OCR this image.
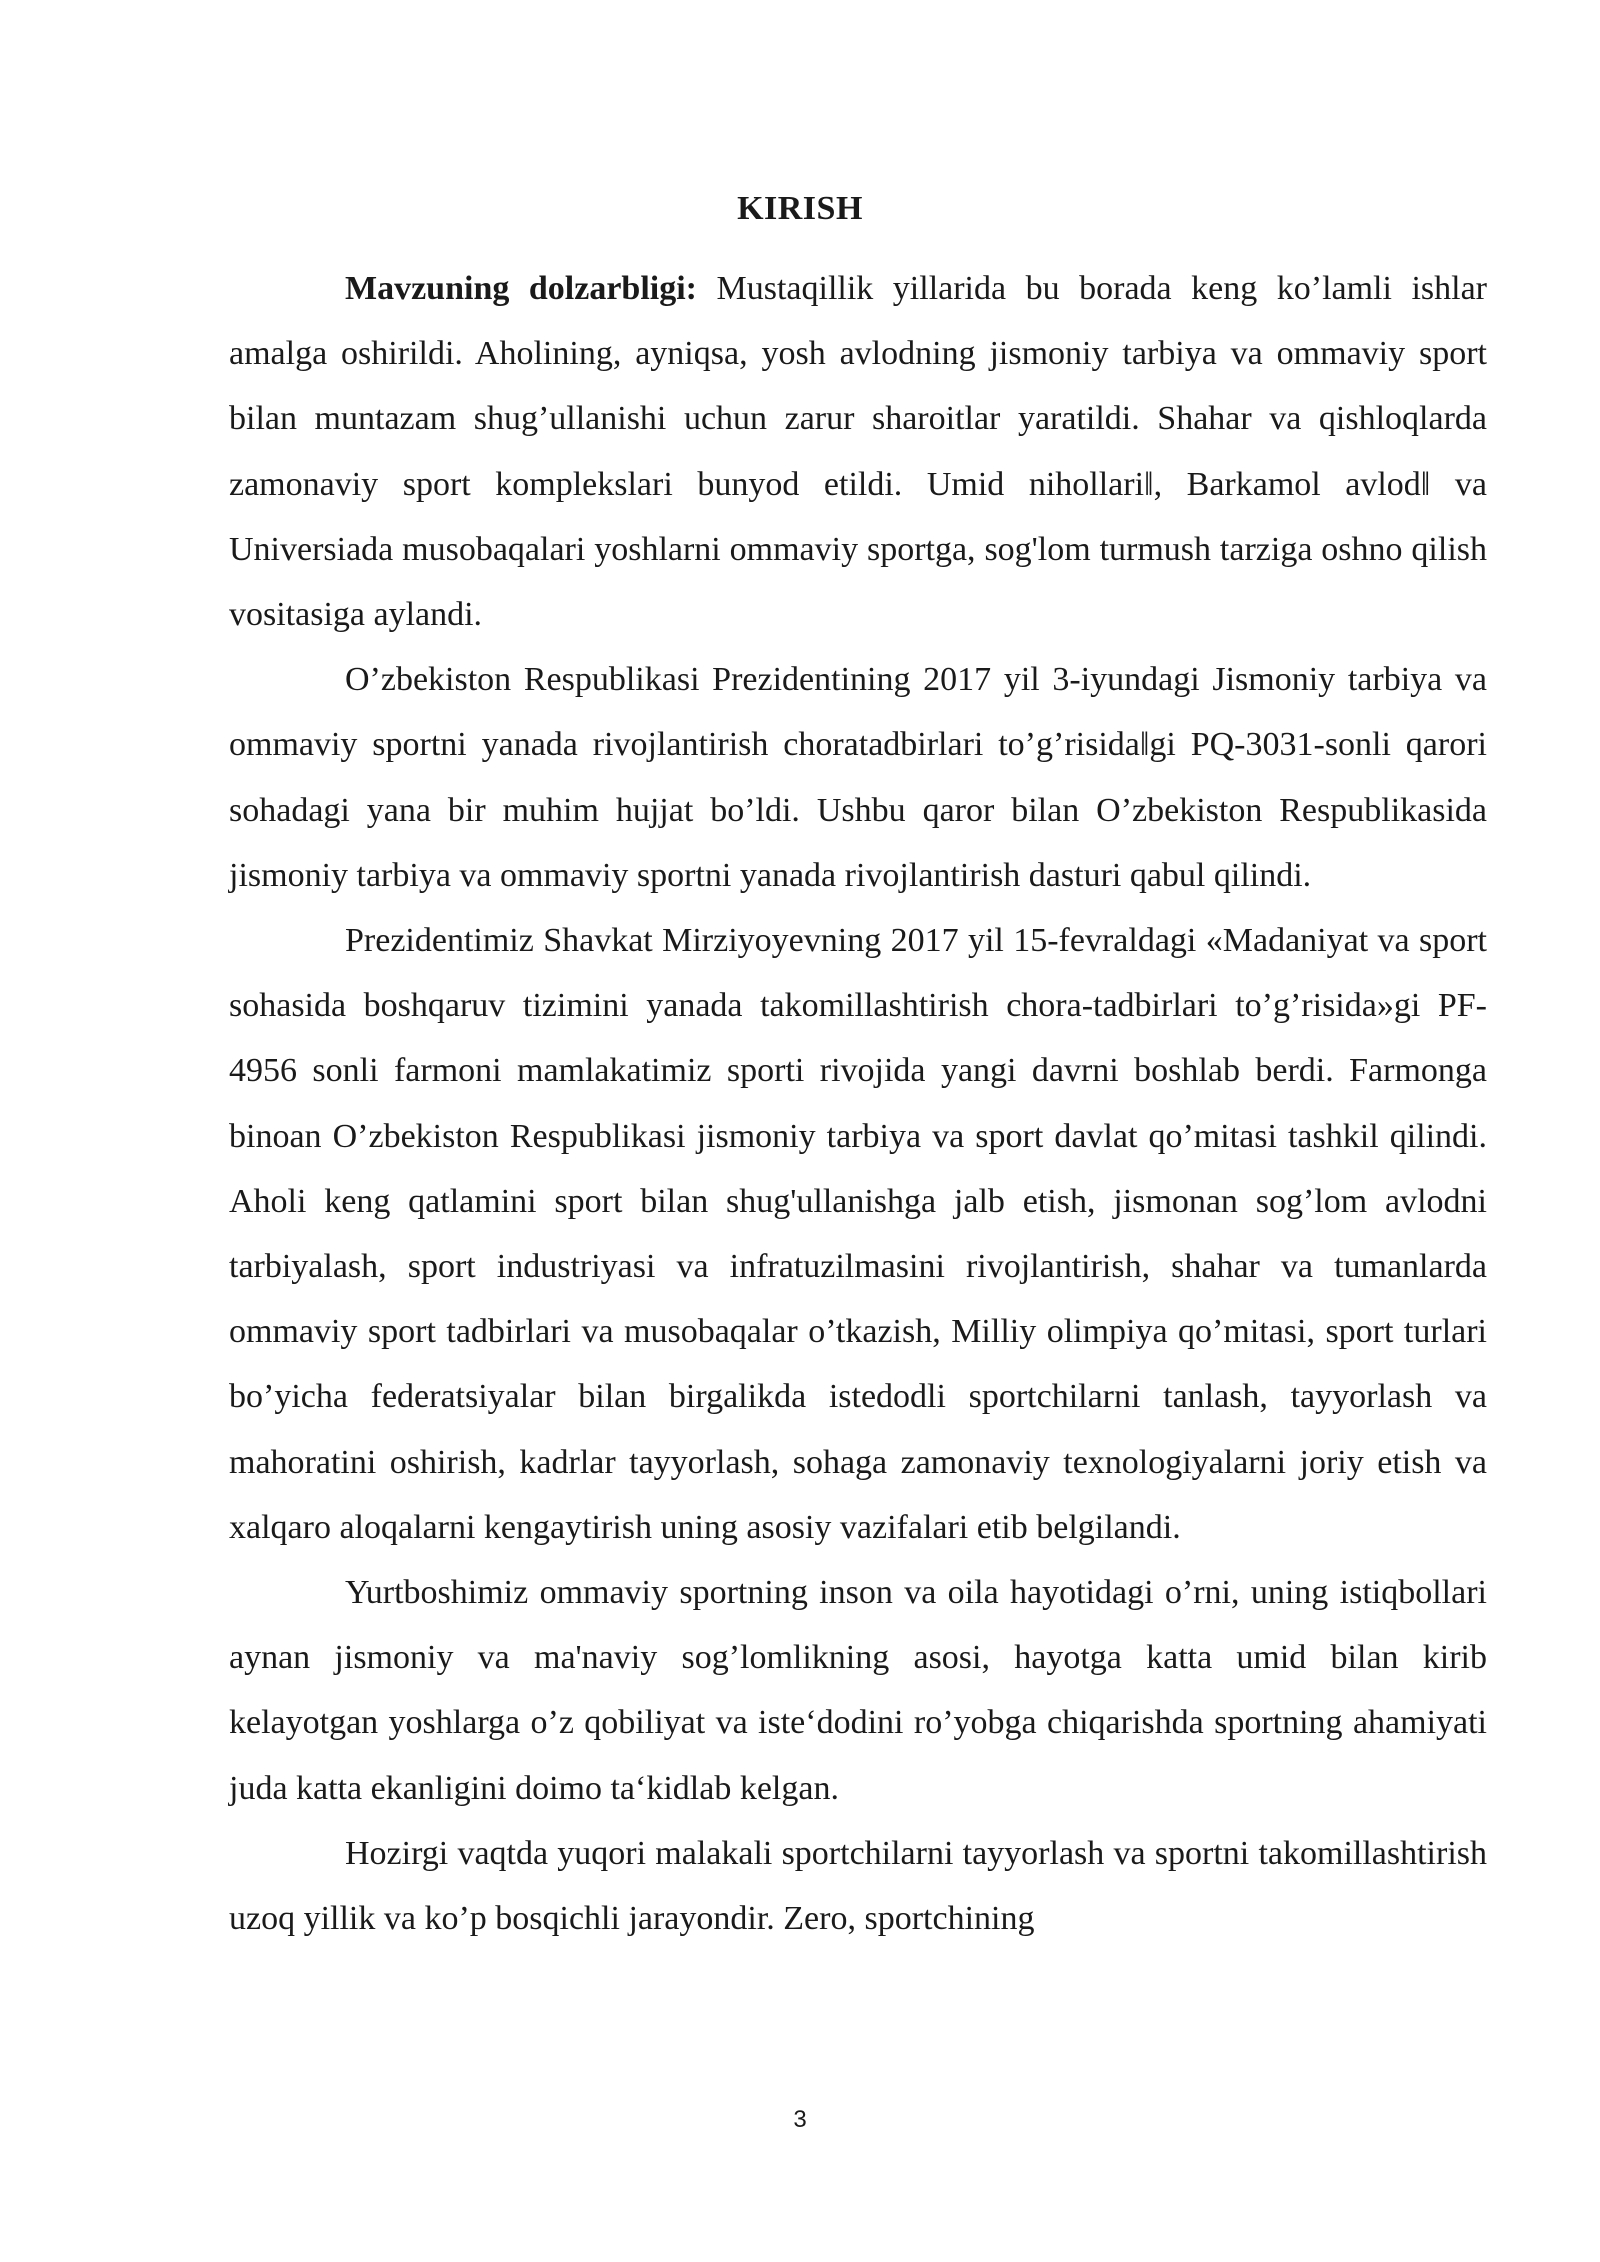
KIRISH

Mavzuning dolzarbligi: Mustaqillik yillarida bu borada keng ko’lamli ishlar amalga oshirildi. Aholining, ayniqsa, yosh avlodning jismoniy tarbiya va ommaviy sport bilan muntazam shug’ullanishi uchun zarur sharoitlar yaratildi. Shahar va qishloqlarda zamonaviy sport komplekslari bunyod etildi. Umid nihollari‖, Barkamol avlod‖ va Universiada musobaqalari yoshlarni ommaviy sportga, sog'lom turmush tarziga oshno qilish vositasiga aylandi.

O’zbekiston Respublikasi Prezidentining 2017 yil 3-iyundagi Jismoniy tarbiya va ommaviy sportni yanada rivojlantirish choratadbirlari to’g’risida‖gi PQ-3031-sonli qarori sohadagi yana bir muhim hujjat bo’ldi. Ushbu qaror bilan O’zbekiston Respublikasida jismoniy tarbiya va ommaviy sportni yanada rivojlantirish dasturi qabul qilindi.

Prezidentimiz Shavkat Mirziyoyevning 2017 yil 15-fevraldagi «Madaniyat va sport sohasida boshqaruv tizimini yanada takomillashtirish chora-tadbirlari to’g’risida»gi PF-4956 sonli farmoni mamlakatimiz sporti rivojida yangi davrni boshlab berdi. Farmonga binoan O’zbekiston Respublikasi jismoniy tarbiya va sport davlat qo’mitasi tashkil qilindi. Aholi keng qatlamini sport bilan shug'ullanishga jalb etish, jismonan sog’lom avlodni tarbiyalash, sport industriyasi va infratuzilmasini rivojlantirish, shahar va tumanlarda ommaviy sport tadbirlari va musobaqalar o’tkazish, Milliy olimpiya qo’mitasi, sport turlari bo’yicha federatsiyalar bilan birgalikda istedodli sportchilarni tanlash, tayyorlash va mahoratini oshirish, kadrlar tayyorlash, sohaga zamonaviy texnologiyalarni joriy etish va xalqaro aloqalarni kengaytirish uning asosiy vazifalari etib belgilandi.

Yurtboshimiz ommaviy sportning inson va oila hayotidagi o’rni, uning istiqbollari aynan jismoniy va ma'naviy sog’lomlikning asosi, hayotga katta umid bilan kirib kelayotgan yoshlarga o’z qobiliyat va iste‘dodini ro’yobga chiqarishda sportning ahamiyati juda katta ekanligini doimo ta‘kidlab kelgan.

Hozirgi vaqtda yuqori malakali sportchilarni tayyorlash va sportni takomillashtirish uzoq yillik va ko’p bosqichli jarayondir. Zero, sportchining

3
